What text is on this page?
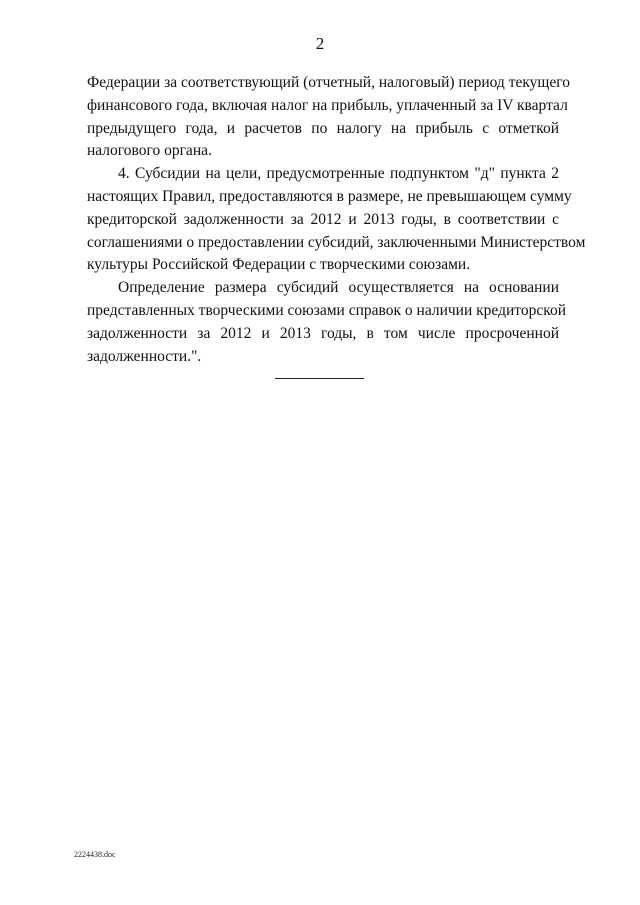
2

Федерации за соответствующий (отчетный, налоговый) период текущего
финансового года, включая налог на прибыль, уплаченный за IV квартал
предыдущего года, и расчетов по налогу на прибыль с отметкой
налогового органа.

4. Субсидии на цели, предусмотренные подпунктом "д" пункта 2
настоящих Правил, предоставляются в размере, не превышающем сумму
кредиторской задолженности за 2012 и 2013 годы, в соответствии с
соглашениями о предоставлении субсидий, заключенными Министерством
культуры Российской Федерации с творческими союзами.

Определение размера субсидий осуществляется на основании
представленных творческими союзами справок о наличии кредиторской
задолженности за 2012 и 2013 годы, в том числе просроченной
задолженности.".

2224438.doc
